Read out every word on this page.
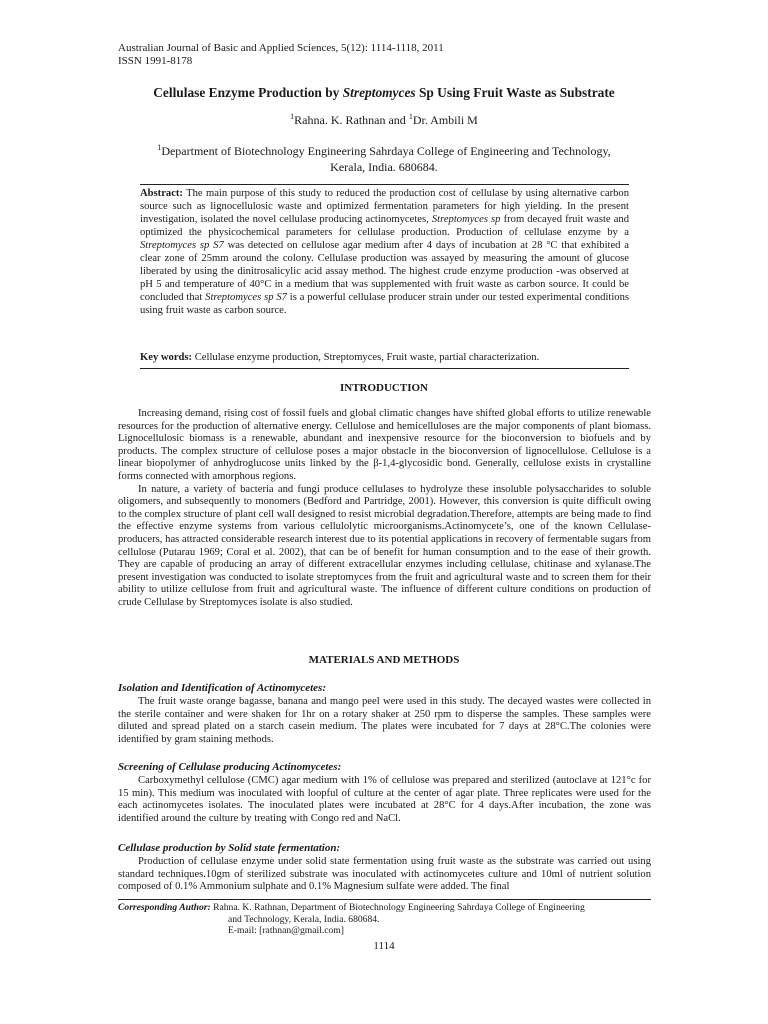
Australian Journal of Basic and Applied Sciences, 5(12): 1114-1118, 2011
ISSN 1991-8178
Cellulase Enzyme Production by Streptomyces Sp Using Fruit Waste as Substrate
$^1$Rahna. K. Rathnan and $^1$Dr. Ambili M
$^1$Department of Biotechnology Engineering Sahrdaya College of Engineering and Technology,
Kerala, India. 680684.
Abstract: The main purpose of this study to reduced the production cost of cellulase by using alternative carbon source such as lignocellulosic waste and optimized fermentation parameters for high yielding. In the present investigation, isolated the novel cellulase producing actinomycetes, Streptomyces sp from decayed fruit waste and optimized the physicochemical parameters for cellulase production. Production of cellulase enzyme by a Streptomyces sp S7 was detected on cellulose agar medium after 4 days of incubation at 28 °C that exhibited a clear zone of 25mm around the colony. Cellulase production was assayed by measuring the amount of glucose liberated by using the dinitrosalicylic acid assay method. The highest crude enzyme production -was observed at pH 5 and temperature of 40°C in a medium that was supplemented with fruit waste as carbon source. It could be concluded that Streptomyces sp S7 is a powerful cellulase producer strain under our tested experimental conditions using fruit waste as carbon source.
Key words: Cellulase enzyme production, Streptomyces, Fruit waste, partial characterization.
INTRODUCTION

Increasing demand, rising cost of fossil fuels and global climatic changes have shifted global efforts to utilize renewable resources for the production of alternative energy. Cellulose and hemicelluloses are the major components of plant biomass. Lignocellulosic biomass is a renewable, abundant and inexpensive resource for the bioconversion to biofuels and by products. The complex structure of cellulose poses a major obstacle in the bioconversion of lignocellulose. Cellulose is a linear biopolymer of anhydroglucose units linked by the β-1,4-glycosidic bond. Generally, cellulose exists in crystalline forms connected with amorphous regions.

In nature, a variety of bacteria and fungi produce cellulases to hydrolyze these insoluble polysaccharides to soluble oligomers, and subsequently to monomers (Bedford and Partridge, 2001). However, this conversion is quite difficult owing to the complex structure of plant cell wall designed to resist microbial degradation.Therefore, attempts are being made to find the effective enzyme systems from various cellulolytic microorganisms.Actinomycete’s, one of the known Cellulase-producers, has attracted considerable research interest due to its potential applications in recovery of fermentable sugars from cellulose (Putarau 1969; Coral et al. 2002), that can be of benefit for human consumption and to the ease of their growth. They are capable of producing an array of different extracellular enzymes including cellulase, chitinase and xylanase.The present investigation was conducted to isolate streptomyces from the fruit and agricultural waste and to screen them for their ability to utilize cellulose from fruit and agricultural waste. The influence of different culture conditions on production of crude Cellulase by Streptomyces isolate is also studied.

MATERIALS AND METHODS
Isolation and Identification of Actinomycetes:

The fruit waste orange bagasse, banana and mango peel were used in this study. The decayed wastes were collected in the sterile container and were shaken for 1hr on a rotary shaker at 250 rpm to disperse the samples. These samples were diluted and spread plated on a starch casein medium. The plates were incubated for 7 days at 28°C.The colonies were identified by gram staining methods.

Screening of Cellulase producing Actinomycetes:

Carboxymethyl cellulose (CMC) agar medium with 1% of cellulose was prepared and sterilized (autoclave at 121°c for 15 min). This medium was inoculated with loopful of culture at the center of agar plate. Three replicates were used for the each actinomycetes isolates. The inoculated plates were incubated at 28°C for 4 days.After incubation, the zone was identified around the culture by treating with Congo red and NaCl.

Cellulase production by Solid state fermentation:

Production of cellulase enzyme under solid state fermentation using fruit waste as the substrate was carried out using standard techniques.10gm of sterilized substrate was inoculated with actinomycetes culture and 10ml of nutrient solution composed of 0.1% Ammonium sulphate and 0.1% Magnesium sulfate were added. The final

Corresponding Author: Rahna. K. Rathnan, Department of Biotechnology Engineering Sahrdaya College of Engineering
and Technology, Kerala, India. 680684.
E-mail: [rathnan@gmail.com]
1114
